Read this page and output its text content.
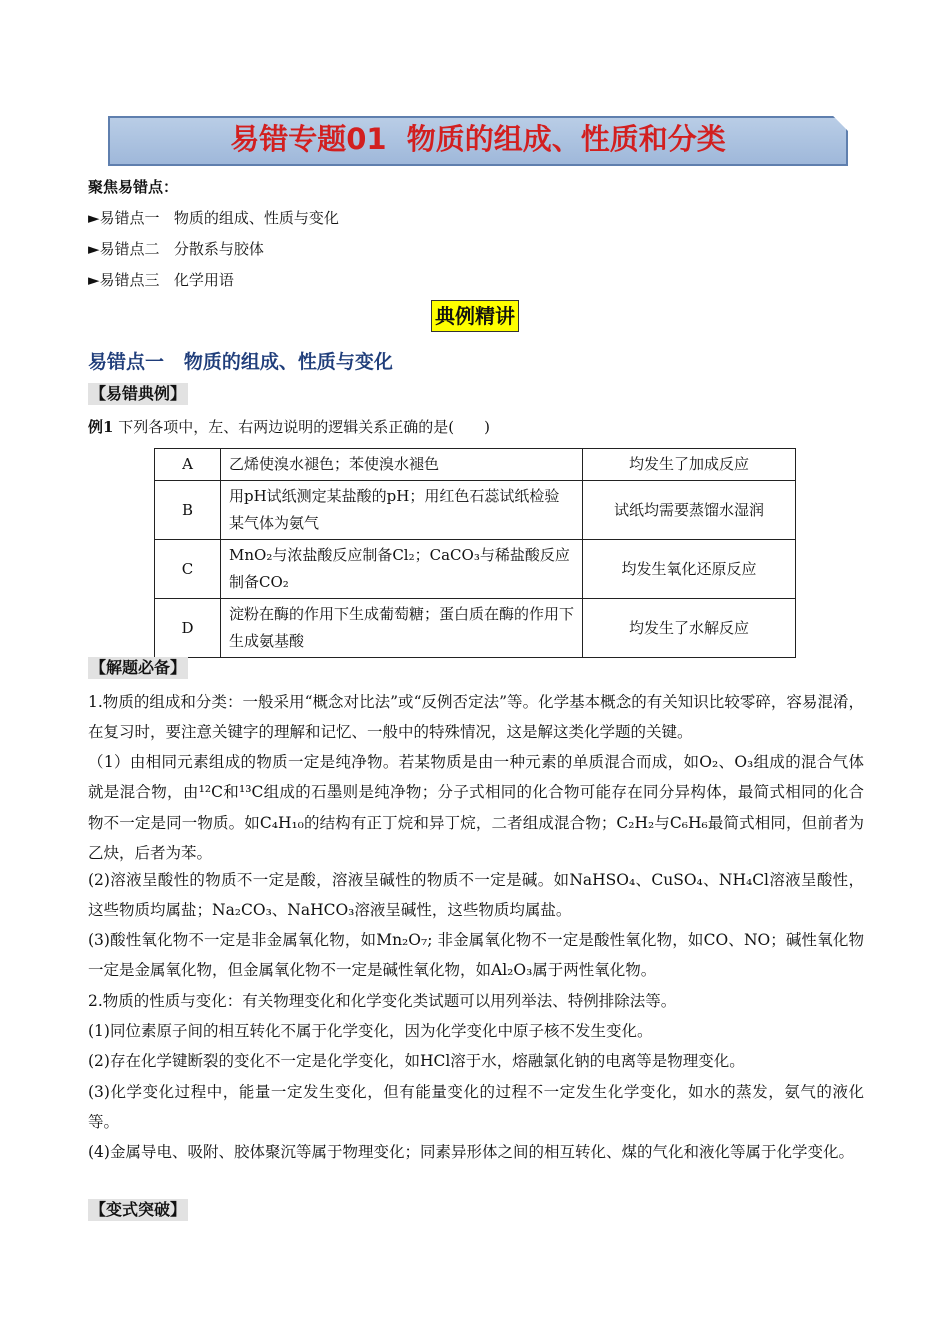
易错专题01  物质的组成、性质和分类
聚焦易错点：
►易错点一   物质的组成、性质与变化
►易错点二   分散系与胶体
►易错点三   化学用语
典例精讲
易错点一   物质的组成、性质与变化
【易错典例】
例1 下列各项中，左、右两边说明的逻辑关系正确的是(　　)
A	乙烯使溴水褪色；苯使溴水褪色	均发生了加成反应
B	用pH试纸测定某盐酸的pH；用红色石蕊试纸检验某气体为氨气	试纸均需要蒸馏水湿润
C	MnO₂与浓盐酸反应制备Cl₂；CaCO₃与稀盐酸反应制备CO₂	均发生氧化还原反应
D	淀粉在酶的作用下生成葡萄糖；蛋白质在酶的作用下生成氨基酸	均发生了水解反应
【解题必备】
1.物质的组成和分类：一般采用“概念对比法”或“反例否定法”等。化学基本概念的有关知识比较零碎，容易混淆，在复习时，要注意关键字的理解和记忆、一般中的特殊情况，这是解这类化学题的关键。
（1）由相同元素组成的物质一定是纯净物。若某物质是由一种元素的单质混合而成，如O₂、O₃组成的混合气体就是混合物，由¹²C和¹³C组成的石墨则是纯净物；分子式相同的化合物可能存在同分异构体，最简式相同的化合物不一定是同一物质。如C₄H₁₀的结构有正丁烷和异丁烷，二者组成混合物；C₂H₂与C₆H₆最简式相同，但前者为乙炔，后者为苯。
(2)溶液呈酸性的物质不一定是酸，溶液呈碱性的物质不一定是碱。如NaHSO₄、CuSO₄、NH₄Cl溶液呈酸性，这些物质均属盐；Na₂CO₃、NaHCO₃溶液呈碱性，这些物质均属盐。
(3)酸性氧化物不一定是非金属氧化物，如Mn₂O₇; 非金属氧化物不一定是酸性氧化物，如CO、NO；碱性氧化物一定是金属氧化物，但金属氧化物不一定是碱性氧化物，如Al₂O₃属于两性氧化物。
2.物质的性质与变化：有关物理变化和化学变化类试题可以用列举法、特例排除法等。
(1)同位素原子间的相互转化不属于化学变化，因为化学变化中原子核不发生变化。
(2)存在化学键断裂的变化不一定是化学变化，如HCl溶于水，熔融氯化钠的电离等是物理变化。
(3)化学变化过程中，能量一定发生变化，但有能量变化的过程不一定发生化学变化，如水的蒸发，氨气的液化等。
(4)金属导电、吸附、胶体聚沉等属于物理变化；同素异形体之间的相互转化、煤的气化和液化等属于化学变化。
【变式突破】
